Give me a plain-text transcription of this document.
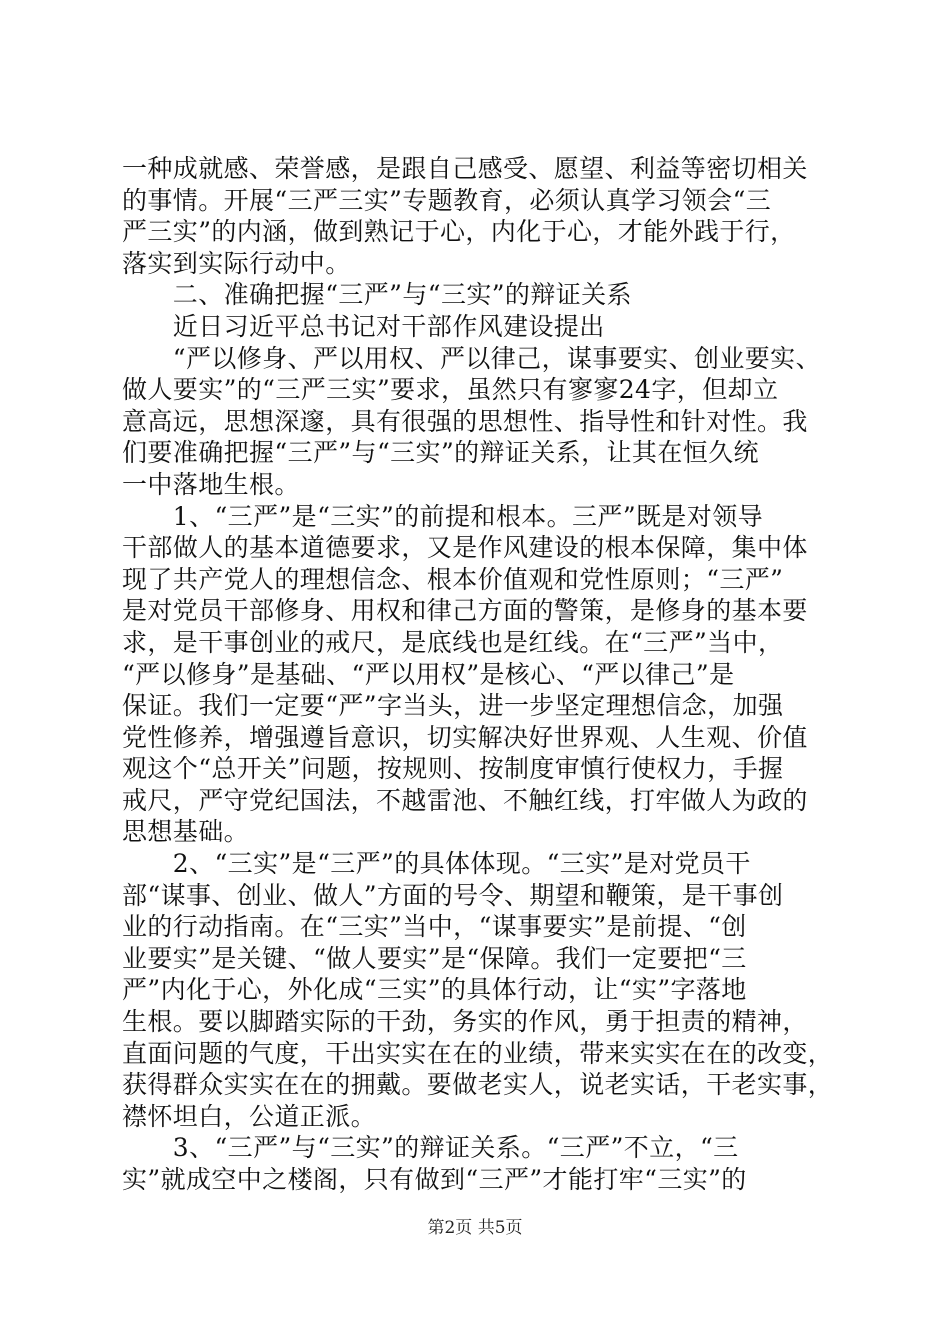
一种成就感、荣誉感，是跟自己感受、愿望、利益等密切相关
的事情。开展“三严三实”专题教育，必须认真学习领会“三
严三实”的内涵，做到熟记于心，内化于心，才能外践于行，
落实到实际行动中。
　　二、准确把握“三严”与“三实”的辩证关系
　　近日习近平总书记对干部作风建设提出
　　“严以修身、严以用权、严以律己，谋事要实、创业要实、
做人要实”的“三严三实”要求，虽然只有寥寥24字，但却立
意高远，思想深邃，具有很强的思想性、指导性和针对性。我
们要准确把握“三严”与“三实”的辩证关系，让其在恒久统
一中落地生根。
　　1、“三严”是“三实”的前提和根本。三严”既是对领导
干部做人的基本道德要求，又是作风建设的根本保障，集中体
现了共产党人的理想信念、根本价值观和党性原则；“三严”
是对党员干部修身、用权和律己方面的警策，是修身的基本要
求，是干事创业的戒尺，是底线也是红线。在“三严”当中，
“严以修身”是基础、“严以用权”是核心、“严以律己”是
保证。我们一定要“严”字当头，进一步坚定理想信念，加强
党性修养，增强遵旨意识，切实解决好世界观、人生观、价值
观这个“总开关”问题，按规则、按制度审慎行使权力，手握
戒尺，严守党纪国法，不越雷池、不触红线，打牢做人为政的
思想基础。
　　2、“三实”是“三严”的具体体现。“三实”是对党员干
部“谋事、创业、做人”方面的号令、期望和鞭策，是干事创
业的行动指南。在“三实”当中，“谋事要实”是前提、“创
业要实”是关键、“做人要实”是“保障。我们一定要把“三
严”内化于心，外化成“三实”的具体行动，让“实”字落地
生根。要以脚踏实际的干劲，务实的作风，勇于担责的精神，
直面问题的气度，干出实实在在的业绩，带来实实在在的改变，
获得群众实实在在的拥戴。要做老实人，说老实话，干老实事，
襟怀坦白，公道正派。
　　3、“三严”与“三实”的辩证关系。“三严”不立，“三
实”就成空中之楼阁，只有做到“三严”才能打牢“三实”的
第2页 共5页
